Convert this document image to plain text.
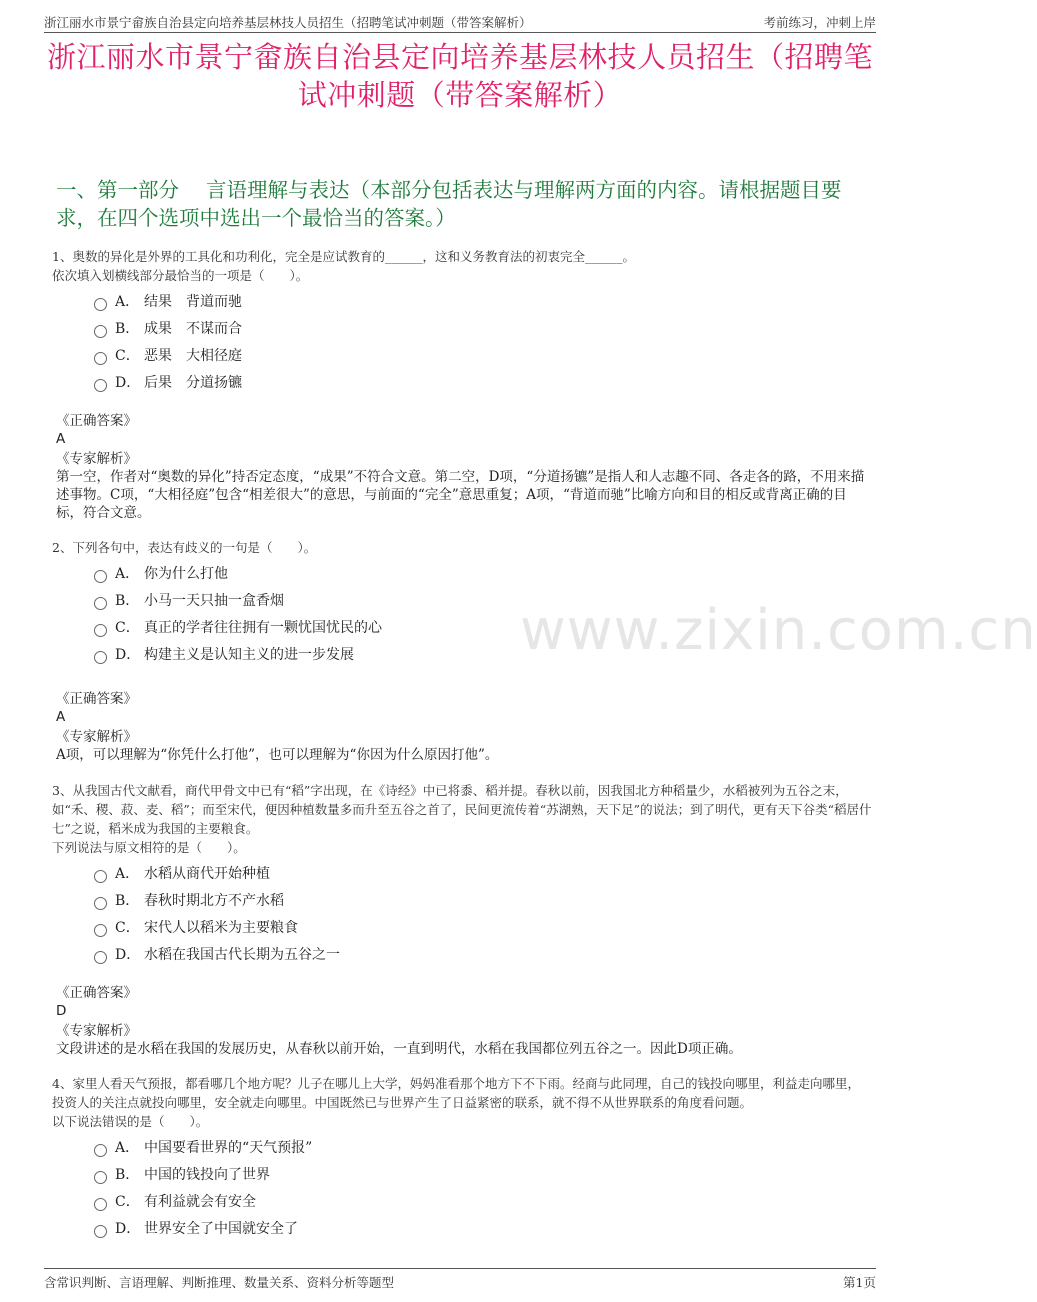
浙江丽水市景宁畲族自治县定向培养基层林技人员招生（招聘笔试冲刺题（带答案解析）	考前练习，冲刺上岸
浙江丽水市景宁畲族自治县定向培养基层林技人员招生（招聘笔试冲刺题（带答案解析）
一、第一部分　 言语理解与表达（本部分包括表达与理解两方面的内容。请根据题目要求，在四个选项中选出一个最恰当的答案。）
www.zixin.com.cn

1、奥数的异化是外界的工具化和功利化，完全是应试教育的______，这和义务教育法的初衷完全______。

依次填入划横线部分最恰当的一项是（　　）。

A． 结果　背道而驰
B． 成果　不谋而合
C． 恶果　大相径庭
D． 后果　分道扬镳
《正确答案》
A
《专家解析》

第一空，作者对“奥数的异化”持否定态度，“成果”不符合文意。第二空，D项，“分道扬镳”是指人和人志趣不同、各走各的路，不用来描述事物。C项，“大相径庭”包含“相差很大”的意思，与前面的“完全”意思重复；A项，“背道而驰”比喻方向和目的相反或背离正确的目标，符合文意。

2、下列各句中，表达有歧义的一句是（　　）。

A． 你为什么打他
B． 小马一天只抽一盒香烟
C． 真正的学者往往拥有一颗忧国忧民的心
D． 构建主义是认知主义的进一步发展
《正确答案》
A
《专家解析》

A项，可以理解为“你凭什么打他”，也可以理解为“你因为什么原因打他”。

3、从我国古代文献看，商代甲骨文中已有“稻”字出现，在《诗经》中已将黍、稻并提。春秋以前，因我国北方种稻量少，水稻被列为五谷之末，如“禾、稷、菽、麦、稻”；而至宋代，便因种植数量多而升至五谷之首了，民间更流传着“苏湖熟，天下足”的说法；到了明代，更有天下谷类“稻居什七”之说，稻米成为我国的主要粮食。

下列说法与原文相符的是（　　）。

A． 水稻从商代开始种植
B． 春秋时期北方不产水稻
C． 宋代人以稻米为主要粮食
D． 水稻在我国古代长期为五谷之一
《正确答案》
D
《专家解析》

文段讲述的是水稻在我国的发展历史，从春秋以前开始，一直到明代，水稻在我国都位列五谷之一。因此D项正确。

4、家里人看天气预报，都看哪几个地方呢？儿子在哪儿上大学，妈妈准看那个地方下不下雨。经商与此同理，自己的钱投向哪里，利益走向哪里，投资人的关注点就投向哪里，安全就走向哪里。中国既然已与世界产生了日益紧密的联系，就不得不从世界联系的角度看问题。

以下说法错误的是（　　）。

A． 中国要看世界的“天气预报”
B． 中国的钱投向了世界
C． 有利益就会有安全
D． 世界安全了中国就安全了
含常识判断、言语理解、判断推理、数量关系、资料分析等题型	第1页
